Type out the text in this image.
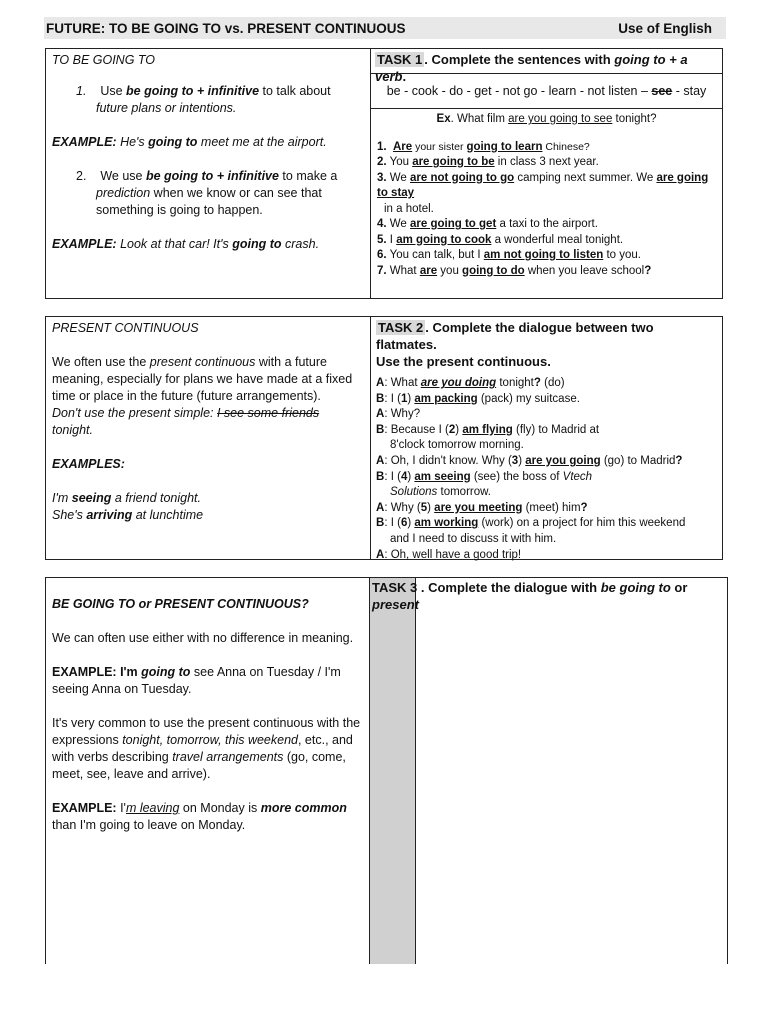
FUTURE: TO BE GOING TO vs. PRESENT CONTINUOUS	Use of English

TO BE GOING TO

1. Use be going to + infinitive to talk about future plans or intentions.

EXAMPLE: He's going to meet me at the airport.

2. We use be going to + infinitive to make a prediction when we know or can see that something is going to happen.

EXAMPLE: Look at that car! It's going to crash.

TASK 1 . Complete the sentences with going to + a verb.

be - cook - do - get - not go - learn - not listen – see - stay

Ex. What film are you going to see tonight?

1. Are your sister going to learn Chinese?

2. You are going to be in class 3 next year.

3. We are not going to go camping next summer. We are going to stay

in a hotel.

4. We are going to get a taxi to the airport.

5. I am going to cook a wonderful meal tonight.

6. You can talk, but I am not going to listen to you.

7. What are you going to do when you leave school?

PRESENT CONTINUOUS

We often use the present continuous with a future meaning, especially for plans we have made at a fixed time or place in the future (future arrangements).

Don't use the present simple: I see some friends

tonight.

EXAMPLES:

I'm seeing a friend tonight.

She's arriving at lunchtime

TASK 2 . Complete the dialogue between two flatmates.

Use the present continuous.

A: What are you doing tonight? (do)

B: I (1) am packing (pack) my suitcase.

A: Why?

B: Because I (2) am flying (fly) to Madrid at

8'clock tomorrow morning.

A: Oh, I didn't know. Why (3) are you going (go) to Madrid?

B: I (4) am seeing (see) the boss of Vtech

Solutions tomorrow.

A: Why (5) are you meeting (meet) him?

B: I (6) am working (work) on a project for him this weekend

and I need to discuss it with him.

A: Oh, well have a good trip!

BE GOING TO or PRESENT CONTINUOUS?

We can often use either with no difference in meaning.

EXAMPLE: I'm going to see Anna on Tuesday / I'm seeing Anna on Tuesday.

It's very common to use the present continuous with the expressions tonight, tomorrow, this weekend, etc., and with verbs describing travel arrangements (go, come, meet, see, leave and arrive).

EXAMPLE: I'm leaving on Monday is more common than I'm going to leave on Monday.

TASK 3 . Complete the dialogue with be going to or present
